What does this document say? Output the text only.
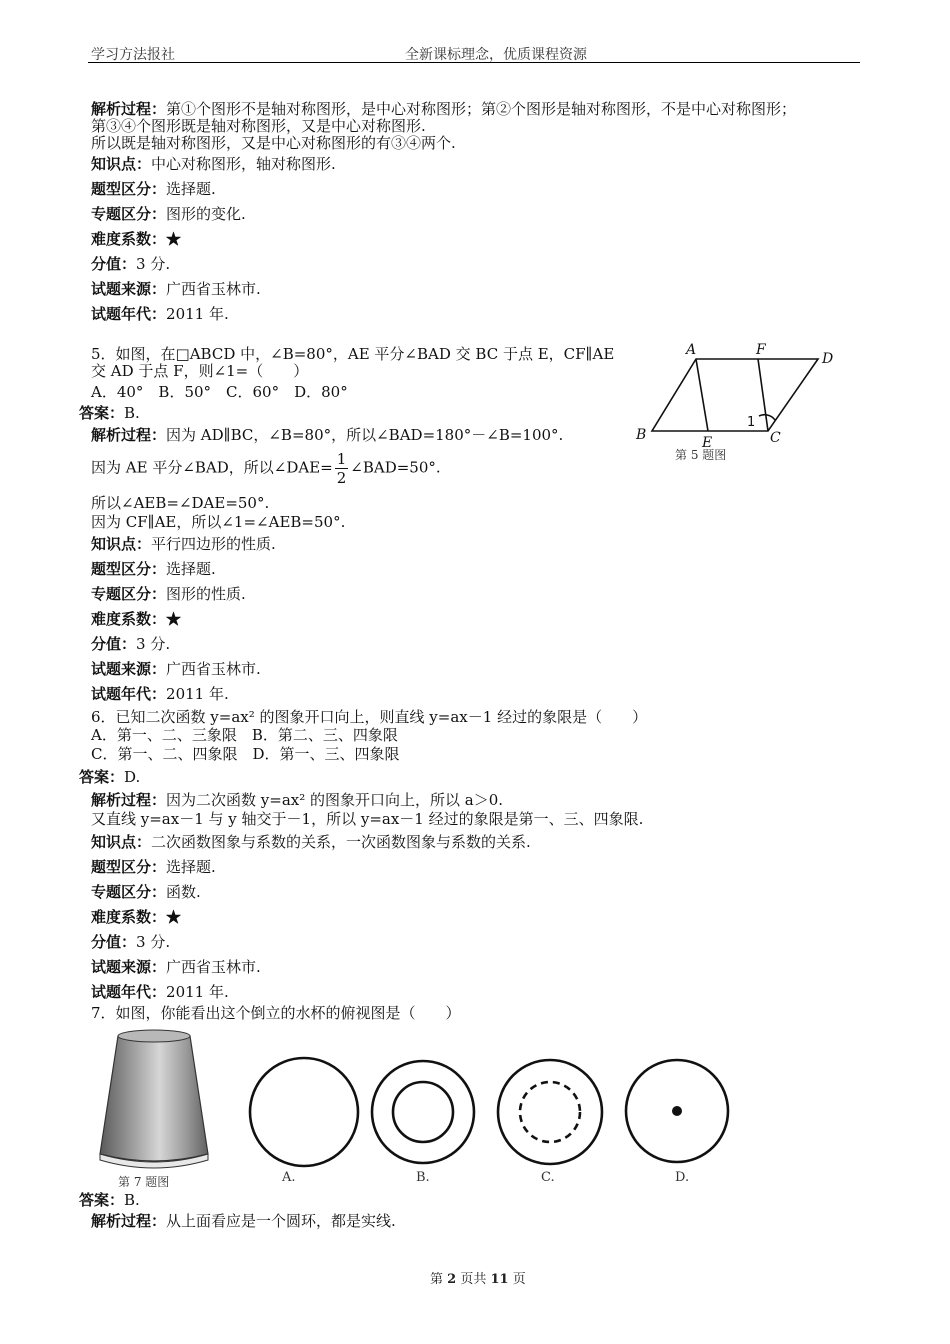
学习方法报社	全新课标理念，优质课程资源
解析过程：第①个图形不是轴对称图形，是中心对称图形；第②个图形是轴对称图形，不是中心对称图形；
第③④个图形既是轴对称图形，又是中心对称图形.
所以既是轴对称图形，又是中心对称图形的有③④两个.
知识点：中心对称图形，轴对称图形.
题型区分：选择题.
专题区分：图形的变化.
难度系数：★
分值：3 分.
试题来源：广西省玉林市.
试题年代：2011 年.
5．如图，在□ABCD 中，∠B=80°，AE 平分∠BAD 交 BC 于点 E，CF∥AE
交 AD 于点 F，则∠1=（　　）
A．40°　B．50°　C．60°　D．80°
答案：B.
解析过程：因为 AD∥BC，∠B=80°，所以∠BAD=180°－∠B=100°.
因为 AE 平分∠BAD，所以∠DAE= $\frac{1}{2}$ ∠BAD=50°.
所以∠AEB=∠DAE=50°.
因为 CF∥AE，所以∠1=∠AEB=50°.
知识点：平行四边形的性质.
题型区分：选择题.
专题区分：图形的性质.
难度系数：★
分值：3 分.
试题来源：广西省玉林市.
试题年代：2011 年.
A	F
D
B	E	C
1
第 5 题图
6．已知二次函数 y=ax² 的图象开口向上，则直线 y=ax－1 经过的象限是（　　）
A．第一、二、三象限　B．第二、三、四象限
C．第一、二、四象限　D．第一、三、四象限
答案：D.
解析过程：因为二次函数 y=ax² 的图象开口向上，所以 a＞0.
又直线 y=ax－1 与 y 轴交于－1，所以 y=ax－1 经过的象限是第一、三、四象限.
知识点：二次函数图象与系数的关系，一次函数图象与系数的关系.
题型区分：选择题.
专题区分：函数.
难度系数：★
分值：3 分.
试题来源：广西省玉林市.
试题年代：2011 年.
7．如图，你能看出这个倒立的水杯的俯视图是（　　）
第 7 题图	A.	B.	C.	D.
答案：B.
解析过程：从上面看应是一个圆环，都是实线.
第 2 页共 11 页
